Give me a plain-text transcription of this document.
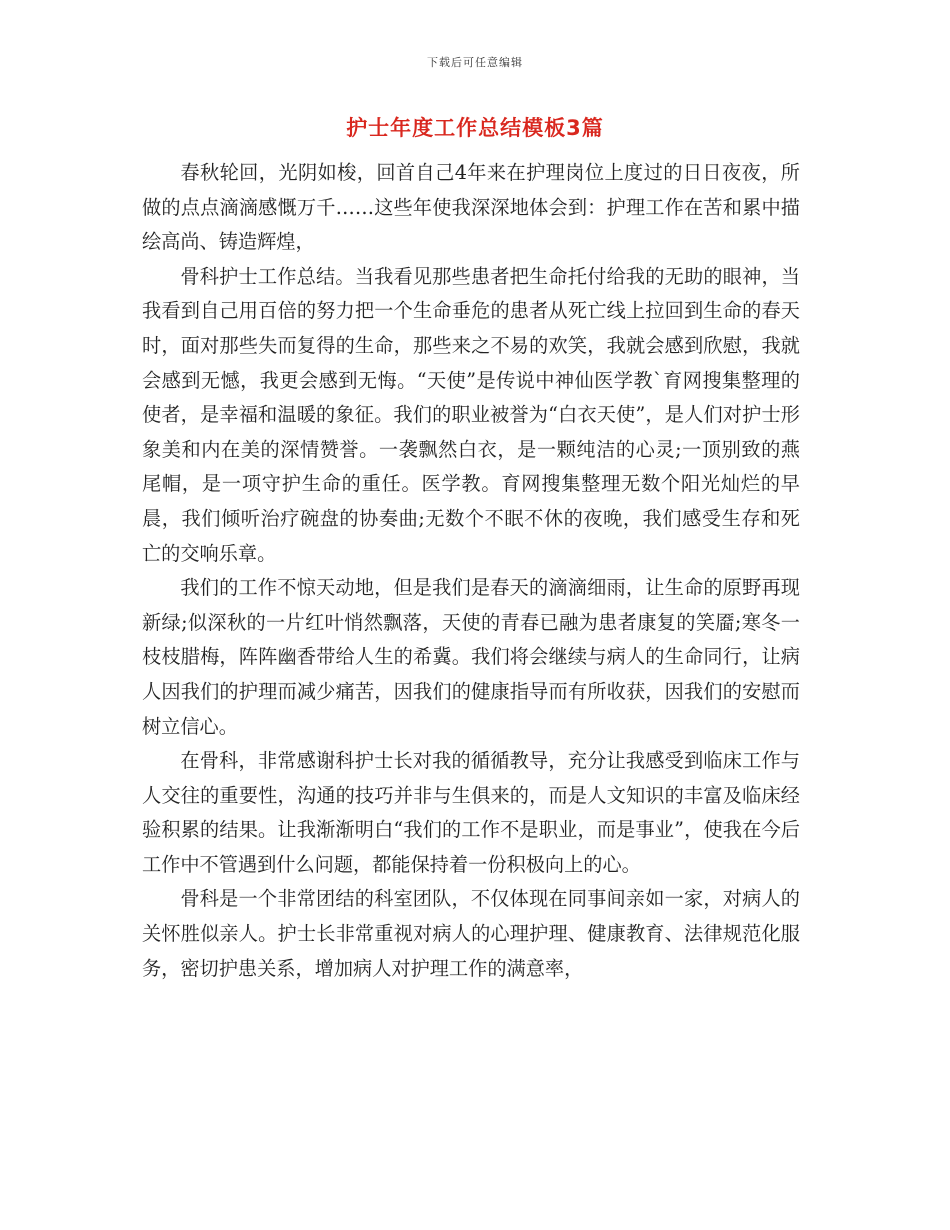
下载后可任意编辑
护士年度工作总结模板3篇

春秋轮回，光阴如梭，回首自己4年来在护理岗位上度过的日日夜夜，所做的点点滴滴感慨万千……这些年使我深深地体会到：护理工作在苦和累中描绘高尚、铸造辉煌，

骨科护士工作总结。当我看见那些患者把生命托付给我的无助的眼神，当我看到自己用百倍的努力把一个生命垂危的患者从死亡线上拉回到生命的春天时，面对那些失而复得的生命，那些来之不易的欢笑，我就会感到欣慰，我就会感到无憾，我更会感到无悔。“天使”是传说中神仙医学教`育网搜集整理的使者，是幸福和温暖的象征。我们的职业被誉为“白衣天使”，是人们对护士形象美和内在美的深情赞誉。一袭飘然白衣，是一颗纯洁的心灵;一顶别致的燕尾帽，是一项守护生命的重任。医学教。育网搜集整理无数个阳光灿烂的早晨，我们倾听治疗碗盘的协奏曲;无数个不眠不休的夜晚，我们感受生存和死亡的交响乐章。

我们的工作不惊天动地，但是我们是春天的滴滴细雨，让生命的原野再现新绿;似深秋的一片红叶悄然飘落，天使的青春已融为患者康复的笑靥;寒冬一枝枝腊梅，阵阵幽香带给人生的希冀。我们将会继续与病人的生命同行，让病人因我们的护理而减少痛苦，因我们的健康指导而有所收获，因我们的安慰而树立信心。

在骨科，非常感谢科护士长对我的循循教导，充分让我感受到临床工作与人交往的重要性，沟通的技巧并非与生俱来的，而是人文知识的丰富及临床经验积累的结果。让我渐渐明白“我们的工作不是职业，而是事业”，使我在今后工作中不管遇到什么问题，都能保持着一份积极向上的心。

骨科是一个非常团结的科室团队，不仅体现在同事间亲如一家，对病人的关怀胜似亲人。护士长非常重视对病人的心理护理、健康教育、法律规范化服务，密切护患关系，增加病人对护理工作的满意率，
